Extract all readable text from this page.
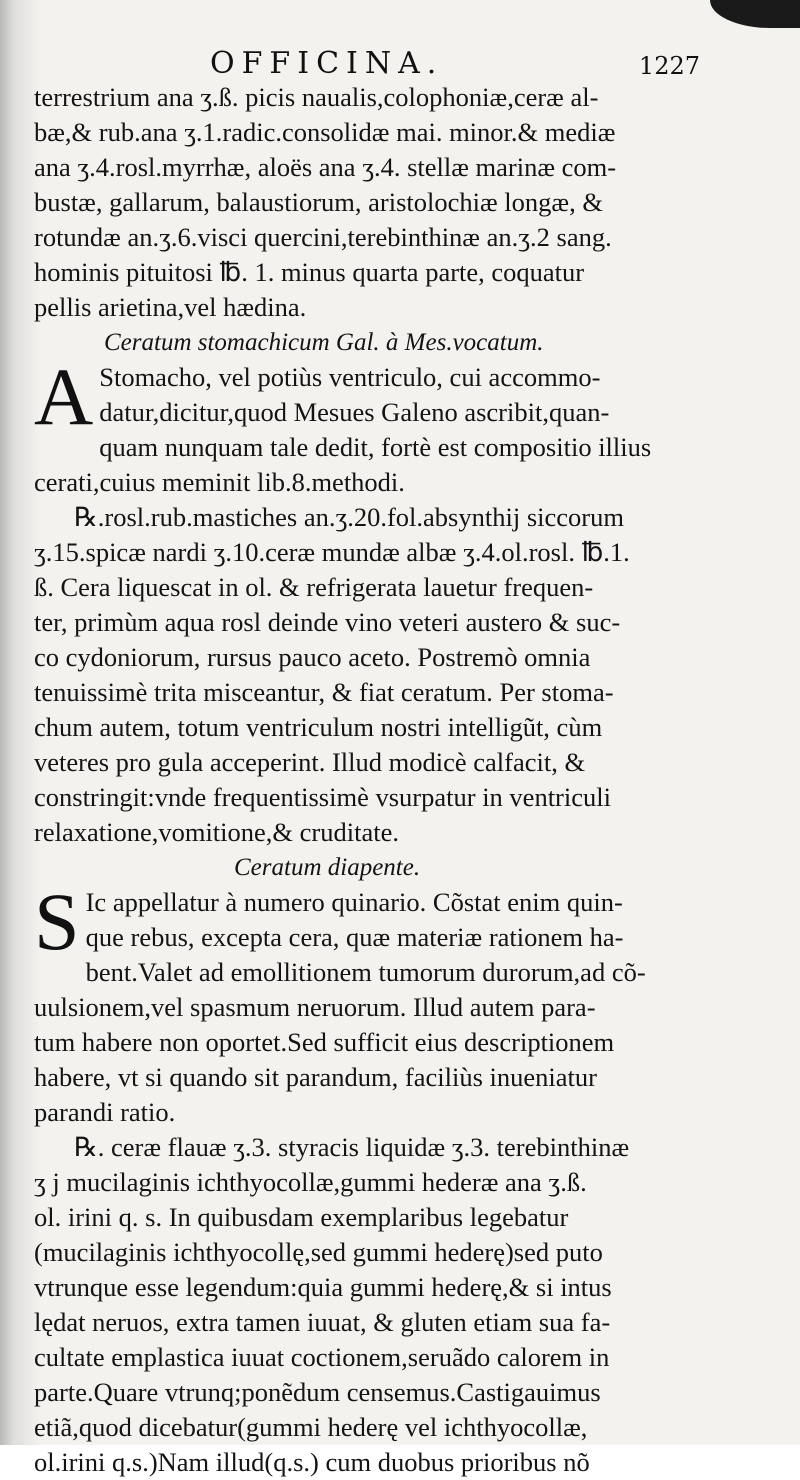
OFFICINA.	1227
terrestrium ana ʒ.ß. picis naualis,colophoniæ,ceræ al-
bæ,& rub.ana ʒ.1.radic.consolidæ mai. minor.& mediæ
ana ʒ.4.rosl.myrrhæ, aloës ana ʒ.4. stellæ marinæ com-
bustæ, gallarum, balaustiorum, aristolochiæ longæ, &
rotundæ an.ʒ.6.visci quercini,terebinthinæ an.ʒ.2 sang.
hominis pituitosi ℔. 1. minus quarta parte, coquatur
pellis arietina,vel hædina.
Ceratum stomachicum Gal. à Mes.vocatum.
A Stomacho, vel potiùs ventriculo, cui accommo-
datur,dicitur,quod Mesues Galeno ascribit,quan-
quam nunquam tale dedit, fortè est compositio illius
cerati,cuius meminit lib.8.methodi.
℞.rosl.rub.mastiches an.ʒ.20.fol.absynthij siccorum
ʒ.15.spicæ nardi ʒ.10.ceræ mundæ albæ ʒ.4.ol.rosl. ℔.1.
ß. Cera liquescat in ol. & refrigerata lauetur frequen-
ter, primùm aqua rosl deinde vino veteri austero & suc-
co cydoniorum, rursus pauco aceto. Postremò omnia
tenuissimè trita misceantur, & fiat ceratum. Per stoma-
chum autem, totum ventriculum nostri intelligũt, cùm
veteres pro gula acceperint. Illud modicè calfacit, &
constringit:vnde frequentissimè vsurpatur in ventriculi
relaxatione,vomitione,& cruditate.
Ceratum diapente.
S Ic appellatur à numero quinario. Cõstat enim quin-
que rebus, excepta cera, quæ materiæ rationem ha-
bent.Valet ad emollitionem tumorum durorum,ad cõ-
uulsionem,vel spasmum neruorum. Illud autem para-
tum habere non oportet.Sed sufficit eius descriptionem
habere, vt si quando sit parandum, faciliùs inueniatur
parandi ratio.
℞. ceræ flauæ ʒ.3. styracis liquidæ ʒ.3. terebinthinæ
ʒ j mucilaginis ichthyocollæ,gummi hederæ ana ʒ.ß.
ol. irini q. s. In quibusdam exemplaribus legebatur
(mucilaginis ichthyocollę,sed gummi hederę)sed puto
vtrunque esse legendum:quia gummi hederę,& si intus
lędat neruos, extra tamen iuuat, & gluten etiam sua fa-
cultate emplastica iuuat coctionem,seruãdo calorem in
parte.Quare vtrunq;ponẽdum censemus.Castigauimus
etiã,quod dicebatur(gummi hederę vel ichthyocollæ,
ol.irini q.s.)Nam illud(q.s.) cum duobus prioribus nõ
